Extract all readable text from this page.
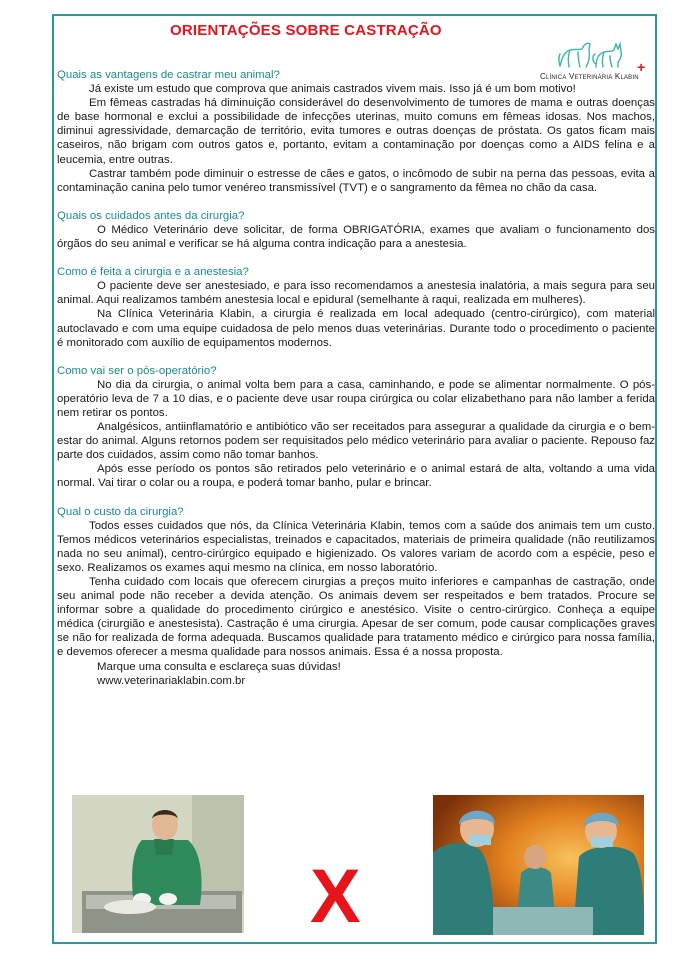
ORIENTAÇÕES SOBRE CASTRAÇÃO
+
Clínica Veterinária Klabin

Quais as vantagens de castrar meu animal?

Já existe um estudo que comprova que animais castrados vivem mais. Isso já é um bom motivo!

Em fêmeas castradas há diminuição considerável do desenvolvimento de tumores de mama e outras doenças de base hormonal e exclui a possibilidade de infecções uterinas, muito comuns em fêmeas idosas. Nos machos, diminui agressividade, demarcação de território, evita tumores e outras doenças de próstata. Os gatos ficam mais caseiros, não brigam com outros gatos e, portanto, evitam a contaminação por doenças como a AIDS felina e a leucemia, entre outras.

Castrar também pode diminuir o estresse de cães e gatos, o incômodo de subir na perna das pessoas, evita a contaminação canina pelo tumor venéreo transmissível (TVT) e o sangramento da fêmea no chão da casa.

Quais os cuidados antes da cirurgia?

O Médico Veterinário deve solicitar, de forma OBRIGATÓRIA, exames que avaliam o funcionamento dos órgãos do seu animal e verificar se há alguma contra indicação para a anestesia.

Como é feita a cirurgia e a anestesia?

O paciente deve ser anestesiado, e para isso recomendamos a anestesia inalatória, a mais segura para seu animal. Aqui realizamos também anestesia local e epidural (semelhante à raqui, realizada em mulheres).

Na Clínica Veterinária Klabin, a cirurgia é realizada em local adequado (centro-cirúrgico), com material autoclavado e com uma equipe cuidadosa de pelo menos duas veterinárias. Durante todo o procedimento o paciente é monitorado com auxílio de equipamentos modernos.

Como vai ser o pós-operatório?

No dia da cirurgia, o animal volta bem para a casa, caminhando, e pode se alimentar normalmente. O pós-operatório leva de 7 a 10 dias, e o paciente deve usar roupa cirúrgica ou colar elizabethano para não lamber a ferida nem retirar os pontos.

Analgésicos, antiinflamatório e antibiótico vão ser receitados para assegurar a qualidade da cirurgia e o bem-estar do animal. Alguns retornos podem ser requisitados pelo médico veterinário para avaliar o paciente. Repouso faz parte dos cuidados, assim como não tomar banhos.

Após esse período os pontos são retirados pelo veterinário e o animal estará de alta, voltando a uma vida normal. Vai tirar o colar ou a roupa, e poderá tomar banho, pular e brincar.

Qual o custo da cirurgia?

Todos esses cuidados que nós, da Clínica Veterinária Klabin, temos com a saúde dos animais tem um custo. Temos médicos veterinários especialistas, treinados e capacitados, materiais de primeira qualidade (não reutilizamos nada no seu animal), centro-cirúrgico equipado e higienizado. Os valores variam de acordo com a espécie, peso e sexo. Realizamos os exames aqui mesmo na clínica, em nosso laboratório.

Tenha cuidado com locais que oferecem cirurgias a preços muito inferiores e campanhas de castração, onde seu animal pode não receber a devida atenção. Os animais devem ser respeitados e bem tratados. Procure se informar sobre a qualidade do procedimento cirúrgico e anestésico. Visite o centro-cirúrgico. Conheça a equipe médica (cirurgião e anestesista). Castração é uma cirurgia. Apesar de ser comum, pode causar complicações graves se não for realizada de forma adequada. Buscamos qualidade para tratamento médico e cirúrgico para nossa família, e devemos oferecer a mesma qualidade para nossos animais. Essa é a nossa proposta.

Marque uma consulta e esclareça suas dúvidas!

www.veterinariaklabin.com.br

X
